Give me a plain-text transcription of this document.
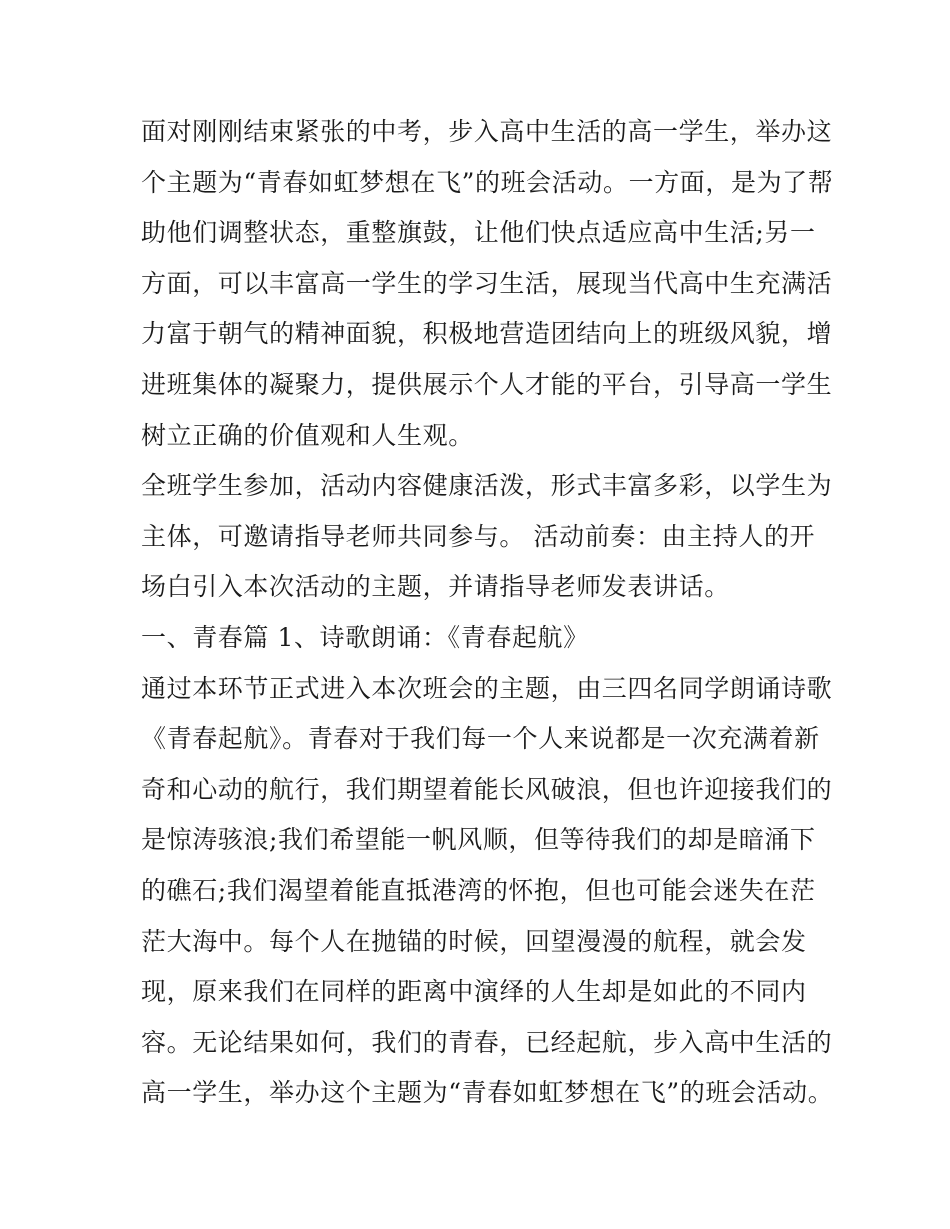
面对刚刚结束紧张的中考，步入高中生活的高一学生，举办这
个主题为“青春如虹梦想在飞”的班会活动。一方面，是为了帮
助他们调整状态，重整旗鼓，让他们快点适应高中生活;另一
方面，可以丰富高一学生的学习生活，展现当代高中生充满活
力富于朝气的精神面貌，积极地营造团结向上的班级风貌，增
进班集体的凝聚力，提供展示个人才能的平台，引导高一学生
树立正确的价值观和人生观。
全班学生参加，活动内容健康活泼，形式丰富多彩，以学生为
主体，可邀请指导老师共同参与。 活动前奏：由主持人的开
场白引入本次活动的主题，并请指导老师发表讲话。
一、青春篇 1、诗歌朗诵：《青春起航》
通过本环节正式进入本次班会的主题，由三四名同学朗诵诗歌
《青春起航》。青春对于我们每一个人来说都是一次充满着新
奇和心动的航行，我们期望着能长风破浪，但也许迎接我们的
是惊涛骇浪;我们希望能一帆风顺，但等待我们的却是暗涌下
的礁石;我们渴望着能直抵港湾的怀抱，但也可能会迷失在茫
茫大海中。每个人在抛锚的时候，回望漫漫的航程，就会发
现，原来我们在同样的距离中演绎的人生却是如此的不同内
容。无论结果如何，我们的青春，已经起航，步入高中生活的
高一学生，举办这个主题为“青春如虹梦想在飞”的班会活动。
